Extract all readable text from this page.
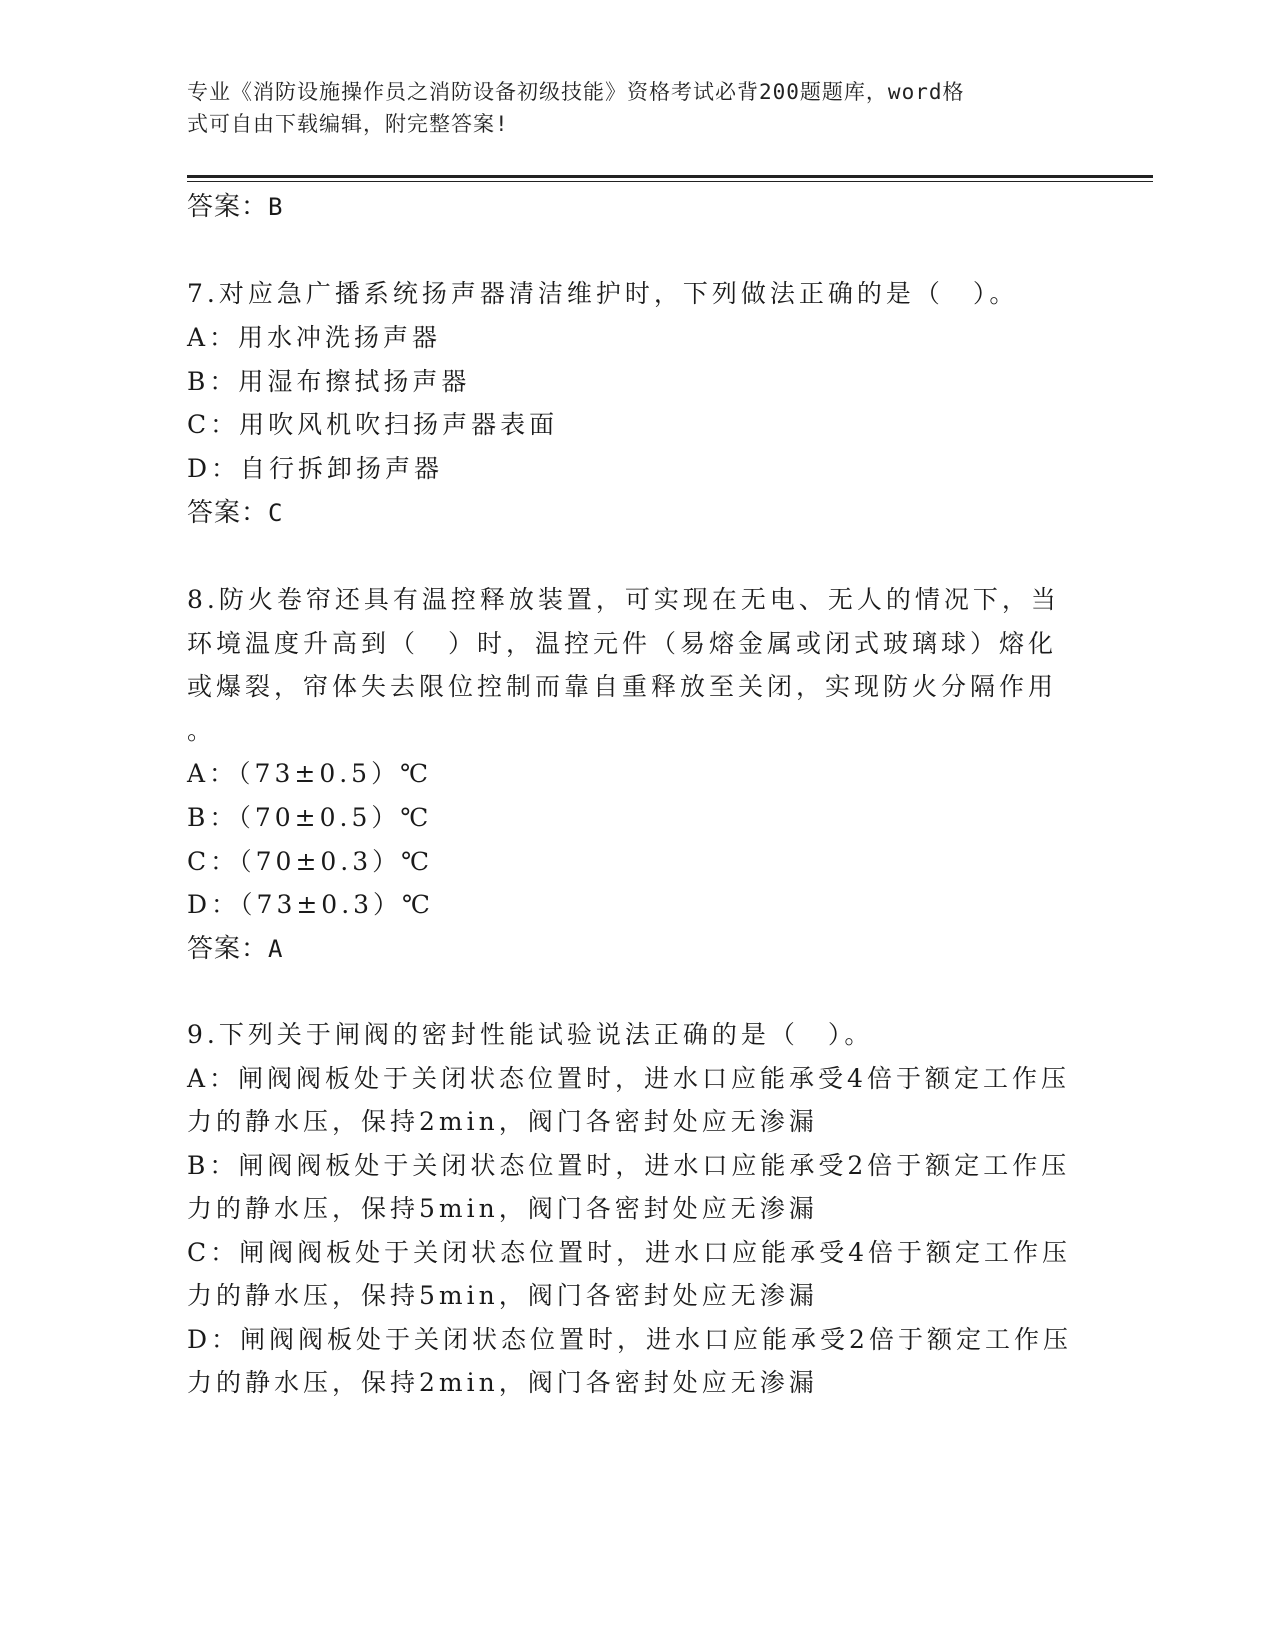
专业《消防设施操作员之消防设备初级技能》资格考试必背200题题库，word格
式可自由下载编辑，附完整答案!
答案：B
7.对应急广播系统扬声器清洁维护时，下列做法正确的是（　）。
A：用水冲洗扬声器
B：用湿布擦拭扬声器
C：用吹风机吹扫扬声器表面
D：自行拆卸扬声器
答案：C
8.防火卷帘还具有温控释放装置，可实现在无电、无人的情况下，当
环境温度升高到（　）时，温控元件（易熔金属或闭式玻璃球）熔化
或爆裂，帘体失去限位控制而靠自重释放至关闭，实现防火分隔作用
。
A：（73±0.5）℃
B：（70±0.5）℃
C：（70±0.3）℃
D：（73±0.3）℃
答案：A
9.下列关于闸阀的密封性能试验说法正确的是（　）。
A：闸阀阀板处于关闭状态位置时，进水口应能承受4倍于额定工作压
力的静水压，保持2min，阀门各密封处应无渗漏
B：闸阀阀板处于关闭状态位置时，进水口应能承受2倍于额定工作压
力的静水压，保持5min，阀门各密封处应无渗漏
C：闸阀阀板处于关闭状态位置时，进水口应能承受4倍于额定工作压
力的静水压，保持5min，阀门各密封处应无渗漏
D：闸阀阀板处于关闭状态位置时，进水口应能承受2倍于额定工作压
力的静水压，保持2min，阀门各密封处应无渗漏
